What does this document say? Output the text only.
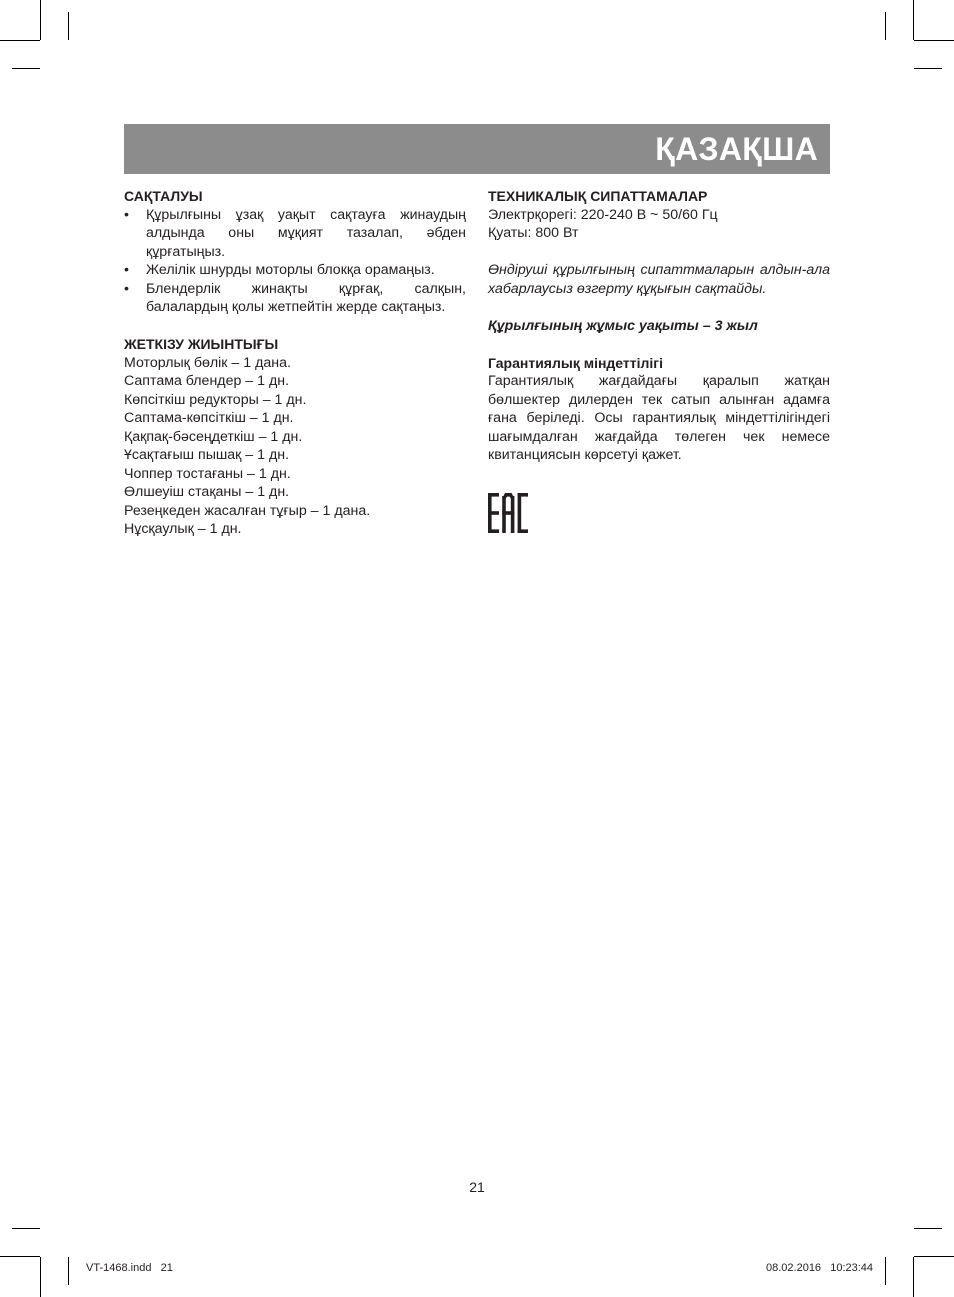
ҚАЗАҚША

САҚТАЛУЫ

•	Құрылғыны ұзақ уақыт сақтауға жинаудың алдында оны мұқият тазалап, әбден құрғатыңыз.
•	Желілік шнурды моторлы блокқа орамаңыз.
•	Блендерлік жинақты құрғақ, салқын, балалардың қолы жетпейтін жерде сақтаңыз.

ЖЕТКІЗУ ЖИЫНТЫҒЫ

Моторлық бөлік – 1 дана.

Саптама блендер – 1 дн.

Көпсіткіш редукторы – 1 дн.

Саптама-көпсіткіш – 1 дн.

Қақпақ-бәсеңдеткіш – 1 дн.

Ұсақтағыш пышақ – 1 дн.

Чоппер тостағаны – 1 дн.

Өлшеуіш стақаны – 1 дн.

Резеңкеден жасалған тұғыр – 1 дана.

Нұсқаулық – 1 дн.

ТЕХНИКАЛЫҚ СИПАТТАМАЛАР

Электрқорегі: 220-240 В ~ 50/60 Гц

Қуаты: 800 Вт

Өндіруші құрылғының сипаттмаларын алдын-ала хабарлаусыз өзгерту құқығын сақтайды.

Құрылғының жұмыс уақыты – 3 жыл

Гарантиялық міндеттілігі

Гарантиялық жағдайдағы қаралып жатқан бөлшектер дилерден тек сатып алынған адамға ғана беріледі. Осы гарантиялық міндеттілігіндегі шағымдалған жағдайда төлеген чек немесе квитанциясын көрсетуі қажет.

21
VT-1468.indd   21	08.02.2016   10:23:44
